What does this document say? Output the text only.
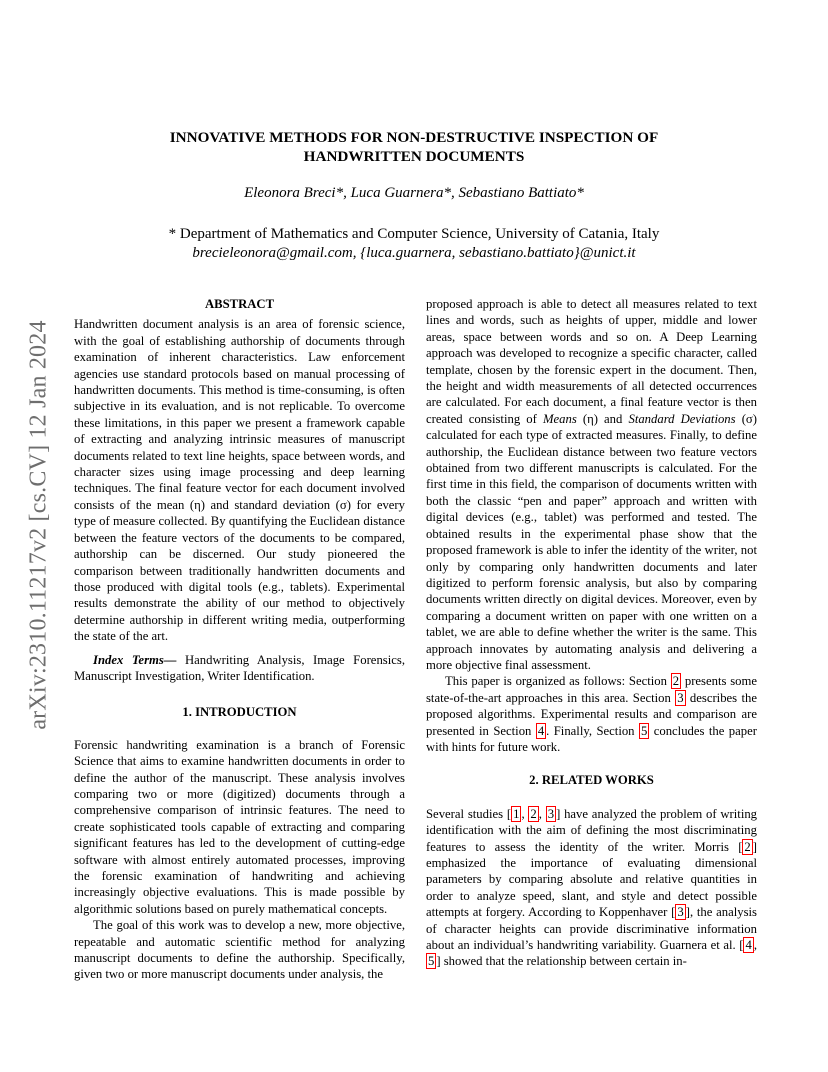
arXiv:2310.11217v2 [cs.CV] 12 Jan 2024
INNOVATIVE METHODS FOR NON-DESTRUCTIVE INSPECTION OF HANDWRITTEN DOCUMENTS
Eleonora Breci*, Luca Guarnera*, Sebastiano Battiato*
* Department of Mathematics and Computer Science, University of Catania, Italy
brecieleonora@gmail.com, {luca.guarnera, sebastiano.battiato}@unict.it
ABSTRACT

Handwritten document analysis is an area of forensic science, with the goal of establishing authorship of documents through examination of inherent characteristics. Law enforcement agencies use standard protocols based on manual processing of handwritten documents. This method is time-consuming, is often subjective in its evaluation, and is not replicable. To overcome these limitations, in this paper we present a framework capable of extracting and analyzing intrinsic measures of manuscript documents related to text line heights, space between words, and character sizes using image processing and deep learning techniques. The final feature vector for each document involved consists of the mean (η) and standard deviation (σ) for every type of measure collected. By quantifying the Euclidean distance between the feature vectors of the documents to be compared, authorship can be discerned. Our study pioneered the comparison between traditionally handwritten documents and those produced with digital tools (e.g., tablets). Experimental results demonstrate the ability of our method to objectively determine authorship in different writing media, outperforming the state of the art.

Index Terms— Handwriting Analysis, Image Forensics, Manuscript Investigation, Writer Identification.

1. INTRODUCTION

Forensic handwriting examination is a branch of Forensic Science that aims to examine handwritten documents in order to define the author of the manuscript. These analysis involves comparing two or more (digitized) documents through a comprehensive comparison of intrinsic features. The need to create sophisticated tools capable of extracting and comparing significant features has led to the development of cutting-edge software with almost entirely automated processes, improving the forensic examination of handwriting and achieving increasingly objective evaluations. This is made possible by algorithmic solutions based on purely mathematical concepts.

The goal of this work was to develop a new, more objective, repeatable and automatic scientific method for analyzing manuscript documents to define the authorship. Specifically, given two or more manuscript documents under analysis, the

proposed approach is able to detect all measures related to text lines and words, such as heights of upper, middle and lower areas, space between words and so on. A Deep Learning approach was developed to recognize a specific character, called template, chosen by the forensic expert in the document. Then, the height and width measurements of all detected occurrences are calculated. For each document, a final feature vector is then created consisting of Means (η) and Standard Deviations (σ) calculated for each type of extracted measures. Finally, to define authorship, the Euclidean distance between two feature vectors obtained from two different manuscripts is calculated. For the first time in this field, the comparison of documents written with both the classic “pen and paper” approach and written with digital devices (e.g., tablet) was performed and tested. The obtained results in the experimental phase show that the proposed framework is able to infer the identity of the writer, not only by comparing only handwritten documents and later digitized to perform forensic analysis, but also by comparing documents written directly on digital devices. Moreover, even by comparing a document written on paper with one written on a tablet, we are able to define whether the writer is the same. This approach innovates by automating analysis and delivering a more objective final assessment.

This paper is organized as follows: Section 2 presents some state-of-the-art approaches in this area. Section 3 describes the proposed algorithms. Experimental results and comparison are presented in Section 4 . Finally, Section 5 concludes the paper with hints for future work.

2. RELATED WORKS

Several studies [ 1 , 2 , 3 ] have analyzed the problem of writing identification with the aim of defining the most discriminating features to assess the identity of the writer. Morris [ 2 ] emphasized the importance of evaluating dimensional parameters by comparing absolute and relative quantities in order to analyze speed, slant, and style and detect possible attempts at forgery. According to Koppenhaver [ 3 ], the analysis of character heights can provide discriminative information about an individual’s handwriting variability. Guarnera et al. [ 4 , 5 ] showed that the relationship between certain in-
